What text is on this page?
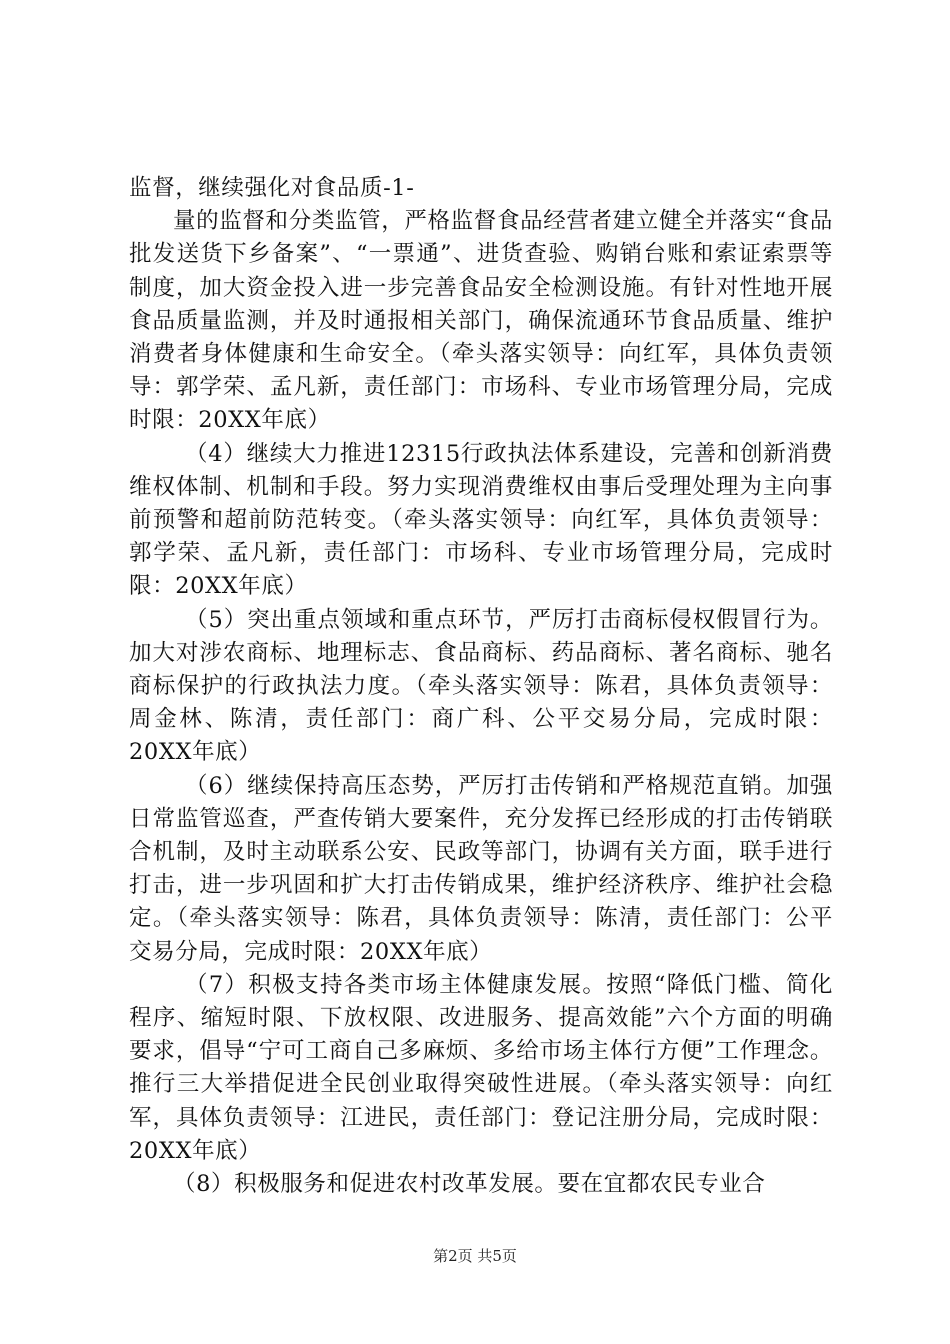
监督，继续强化对食品质-1-

量的监督和分类监管，严格监督食品经营者建立健全并落实“食品批发送货下乡备案”、“一票通”、进货查验、购销台账和索证索票等制度，加大资金投入进一步完善食品安全检测设施。有针对性地开展食品质量监测，并及时通报相关部门，确保流通环节食品质量、维护消费者身体健康和生命安全。（牵头落实领导：向红军，具体负责领导：郭学荣、孟凡新，责任部门：市场科、专业市场管理分局，完成时限：20XX年底）

（4）继续大力推进12315行政执法体系建设，完善和创新消费维权体制、机制和手段。努力实现消费维权由事后受理处理为主向事前预警和超前防范转变。（牵头落实领导：向红军，具体负责领导：郭学荣、孟凡新，责任部门：市场科、专业市场管理分局，完成时限：20XX年底）

（5）突出重点领域和重点环节，严厉打击商标侵权假冒行为。加大对涉农商标、地理标志、食品商标、药品商标、著名商标、驰名商标保护的行政执法力度。（牵头落实领导：陈君，具体负责领导：周金林、陈清，责任部门：商广科、公平交易分局，完成时限：20XX年底）

（6）继续保持高压态势，严厉打击传销和严格规范直销。加强日常监管巡查，严查传销大要案件，充分发挥已经形成的打击传销联合机制，及时主动联系公安、民政等部门，协调有关方面，联手进行打击，进一步巩固和扩大打击传销成果，维护经济秩序、维护社会稳定。（牵头落实领导：陈君，具体负责领导：陈清，责任部门：公平交易分局，完成时限：20XX年底）

（7）积极支持各类市场主体健康发展。按照“降低门槛、简化程序、缩短时限、下放权限、改进服务、提高效能”六个方面的明确要求，倡导“宁可工商自己多麻烦、多给市场主体行方便”工作理念。推行三大举措促进全民创业取得突破性进展。（牵头落实领导：向红军，具体负责领导：江进民，责任部门：登记注册分局，完成时限：20XX年底）

（8）积极服务和促进农村改革发展。要在宜都农民专业合

第2页 共5页
